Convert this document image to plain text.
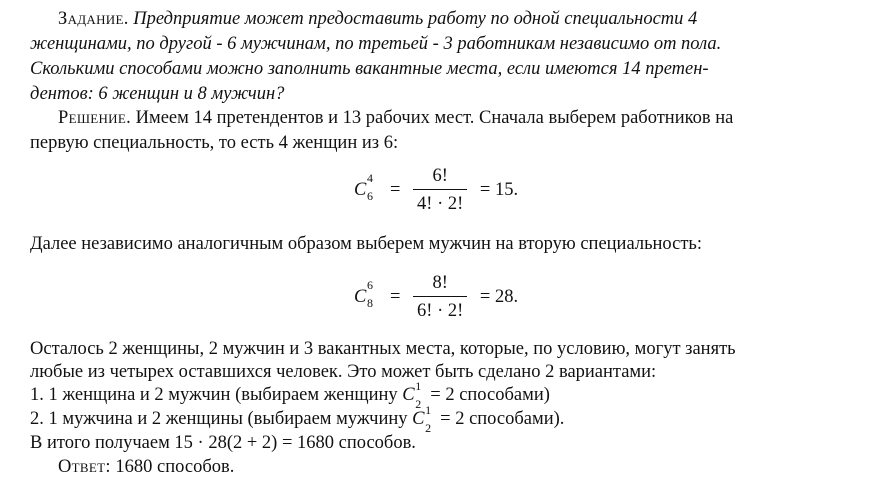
Задание. Предприятие может предоставить работу по одной специальности 4
женщинами, по другой - 6 мужчинам, по третьей - 3 работникам независимо от пола.
Сколькими способами можно заполнить вакантные места, если имеются 14 претен-
дентов: 6 женщин и 8 мужчин?
Решение. Имеем 14 претендентов и 13 рабочих мест. Сначала выберем работников на
первую специальность, то есть 4 женщин из 6:
C
4
$6 = \frac{6!}{4! \cdot 2!} = 15$.
Далее независимо аналогичным образом выберем мужчин на вторую специальность:
C
6
$8 = \frac{8!}{6! \cdot 2!} = 28$.
Осталось 2 женщины, 2 мужчин и 3 вакантных места, которые, по условию, могут занять
любые из четырех оставшихся человек. Это может быть сделано 2 вариантами:
1. 1 женщина и 2 мужчин (выбираем женщину C 1
2 = 2 способами)
2. 1 мужчина и 2 женщины (выбираем мужчину C 1
2 = 2 способами).
В итого получаем 15 · 28(2 + 2) = 1680 способов.
Ответ: 1680 способов.
